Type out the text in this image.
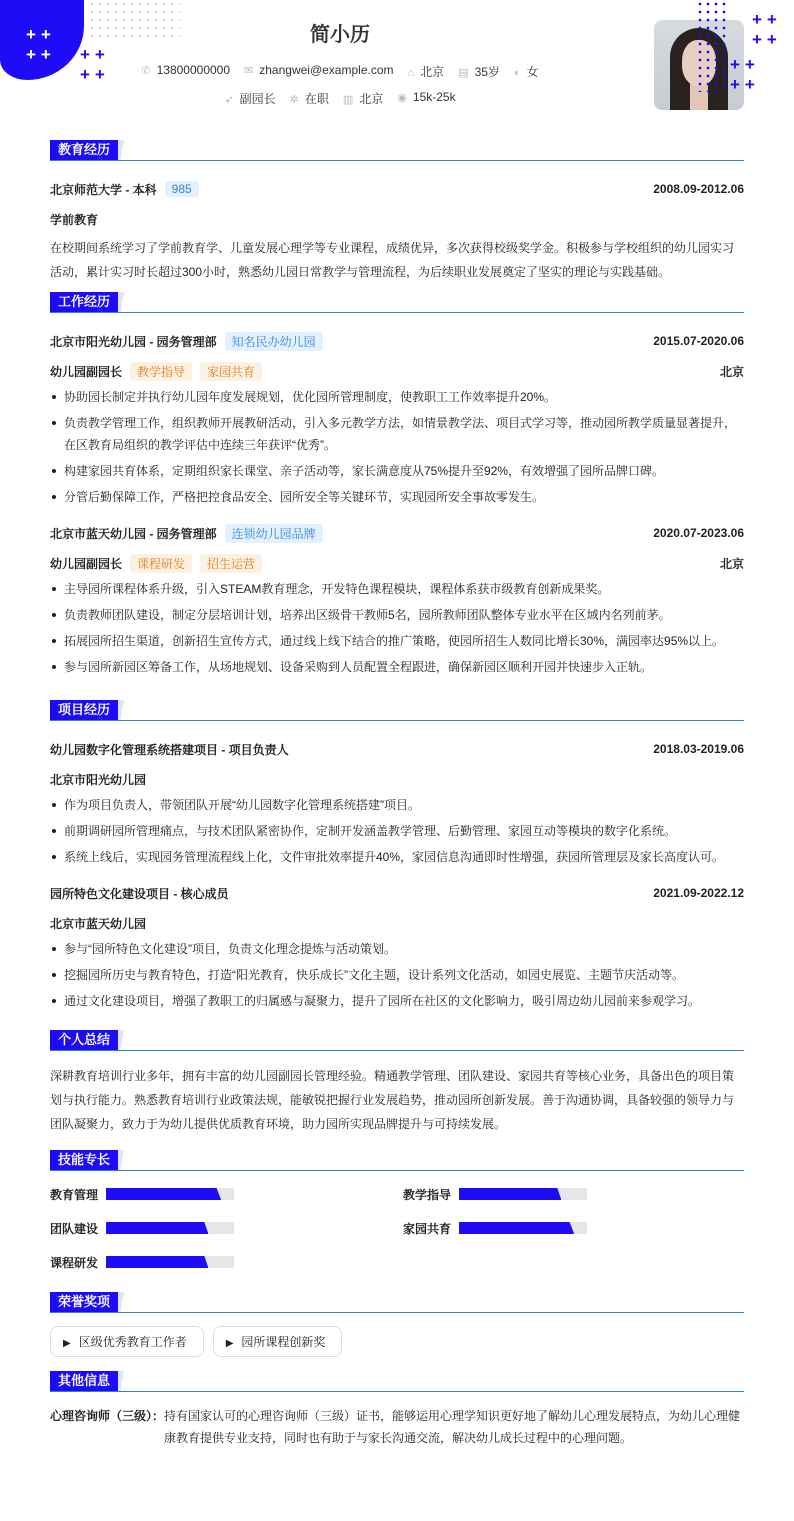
++
++ ++
++
++
++
++
++
简小历
✆ 13800000000 ✉ zhangwei@example.com ⌂ 北京 ▤ 35岁 ◐ 女
➶ 副园长 ✲ 在职 ▥ 北京 ◉ 15k-25k
教育经历
北京师范大学 - 本科	985	2008.09-2012.06
学前教育

在校期间系统学习了学前教育学、儿童发展心理学等专业课程，成绩优异，多次获得校级奖学金。积极参与学校组织的幼儿园实习活动，累计实习时长超过300小时，熟悉幼儿园日常教学与管理流程，为后续职业发展奠定了坚实的理论与实践基础。

工作经历
北京市阳光幼儿园 - 园务管理部	知名民办幼儿园	2015.07-2020.06
幼儿园副园长	教学指导	家园共育	北京
协助园长制定并执行幼儿园年度发展规划，优化园所管理制度，使教职工工作效率提升20%。
负责教学管理工作，组织教师开展教研活动，引入多元教学方法，如情景教学法、项目式学习等，推动园所教学质量显著提升，在区教育局组织的教学评估中连续三年获评“优秀”。
构建家园共育体系，定期组织家长课堂、亲子活动等，家长满意度从75%提升至92%，有效增强了园所品牌口碑。
分管后勤保障工作，严格把控食品安全、园所安全等关键环节，实现园所安全事故零发生。
北京市蓝天幼儿园 - 园务管理部	连锁幼儿园品牌	2020.07-2023.06
幼儿园副园长	课程研发	招生运营	北京
主导园所课程体系升级，引入STEAM教育理念，开发特色课程模块，课程体系获市级教育创新成果奖。
负责教师团队建设，制定分层培训计划，培养出区级骨干教师5名，园所教师团队整体专业水平在区域内名列前茅。
拓展园所招生渠道，创新招生宣传方式，通过线上线下结合的推广策略，使园所招生人数同比增长30%，满园率达95%以上。
参与园所新园区筹备工作，从场地规划、设备采购到人员配置全程跟进，确保新园区顺利开园并快速步入正轨。
项目经历
幼儿园数字化管理系统搭建项目 - 项目负责人	2018.03-2019.06
北京市阳光幼儿园
作为项目负责人，带领团队开展“幼儿园数字化管理系统搭建”项目。
前期调研园所管理痛点，与技术团队紧密协作，定制开发涵盖教学管理、后勤管理、家园互动等模块的数字化系统。
系统上线后，实现园务管理流程线上化，文件审批效率提升40%，家园信息沟通即时性增强，获园所管理层及家长高度认可。
园所特色文化建设项目 - 核心成员	2021.09-2022.12
北京市蓝天幼儿园
参与“园所特色文化建设”项目，负责文化理念提炼与活动策划。
挖掘园所历史与教育特色，打造“阳光教育，快乐成长”文化主题，设计系列文化活动，如园史展览、主题节庆活动等。
通过文化建设项目，增强了教职工的归属感与凝聚力，提升了园所在社区的文化影响力，吸引周边幼儿园前来参观学习。
个人总结

深耕教育培训行业多年，拥有丰富的幼儿园副园长管理经验。精通教学管理、团队建设、家园共育等核心业务，具备出色的项目策划与执行能力。熟悉教育培训行业政策法规，能敏锐把握行业发展趋势，推动园所创新发展。善于沟通协调，具备较强的领导力与团队凝聚力，致力于为幼儿提供优质教育环境，助力园所实现品牌提升与可持续发展。

技能专长
教育管理	教学指导
团队建设	家园共育
课程研发
荣誉奖项
▶ 区级优秀教育工作者	▶ 园所课程创新奖
其他信息
心理咨询师（三级）： 持有国家认可的心理咨询师（三级）证书，能够运用心理学知识更好地了解幼儿心理发展特点，为幼儿心理健康教育提供专业支持，同时也有助于与家长沟通交流，解决幼儿成长过程中的心理问题。
